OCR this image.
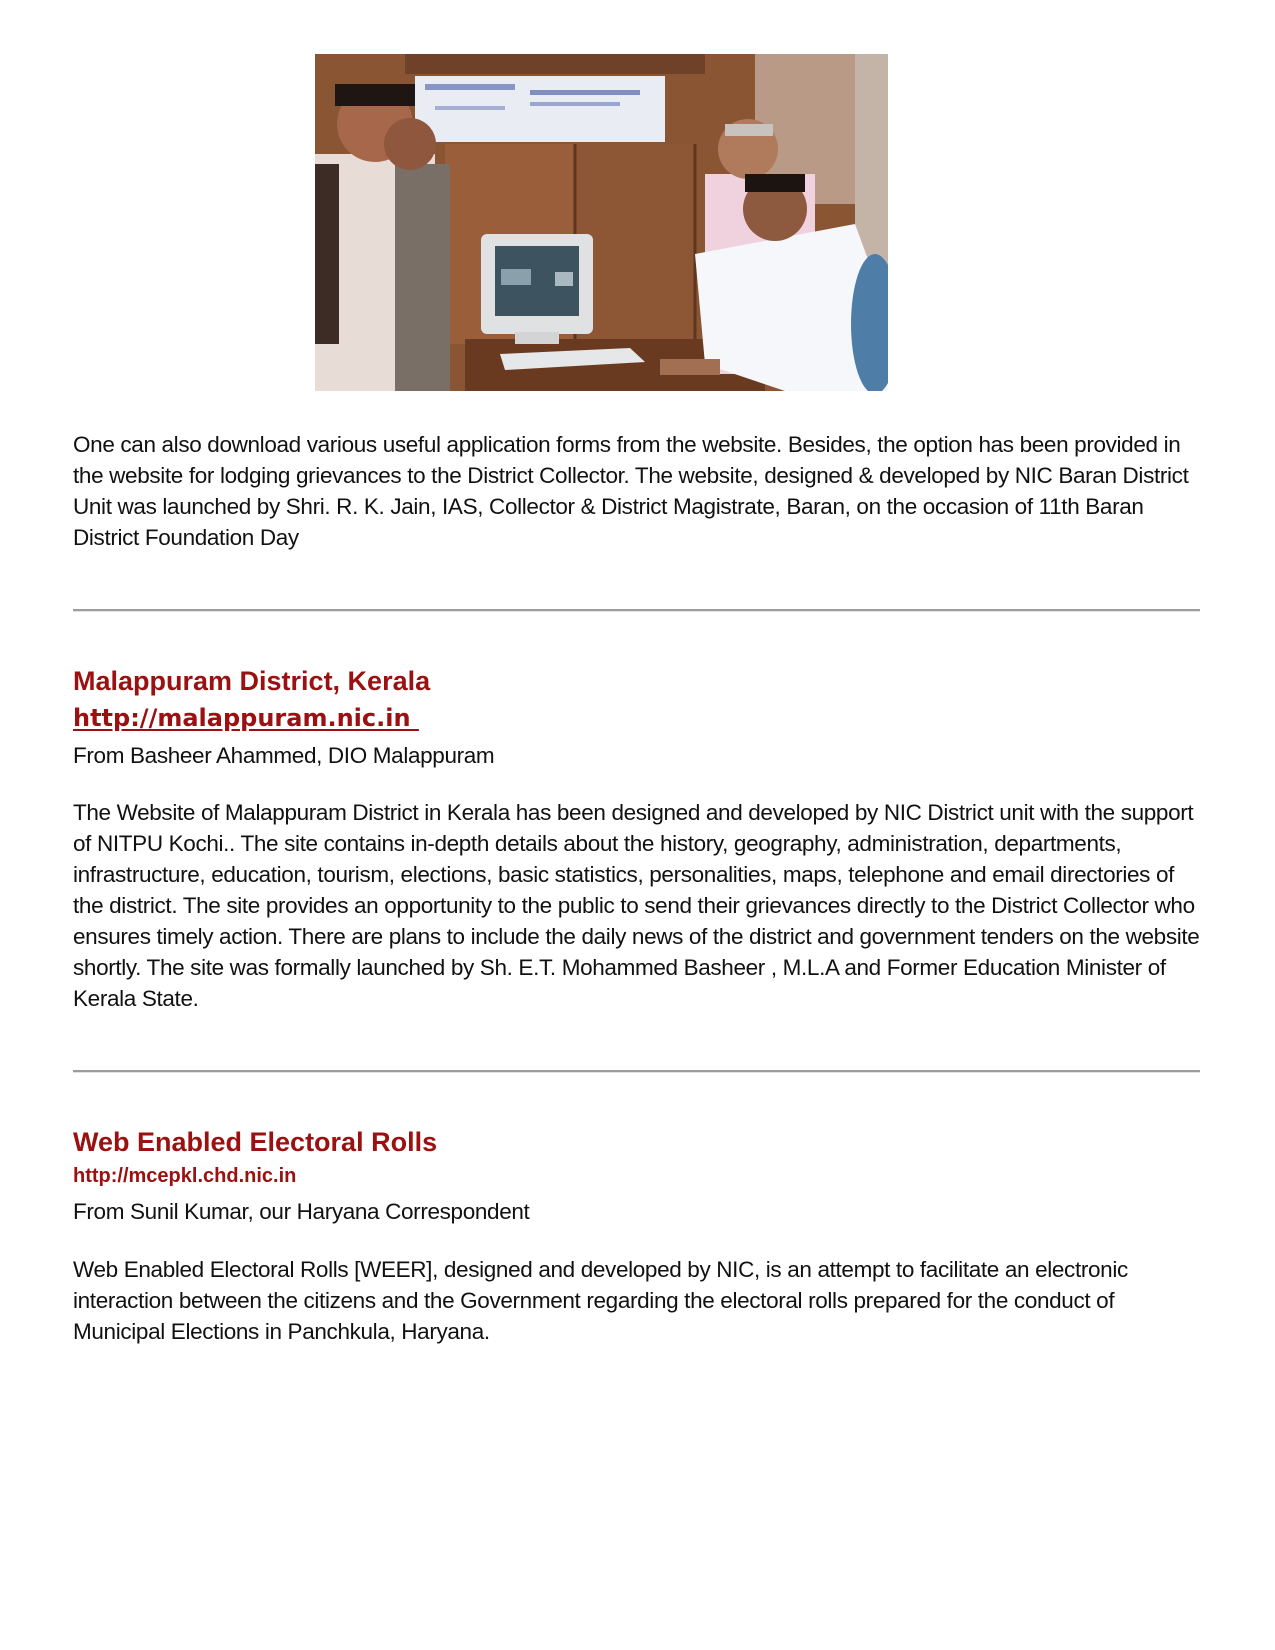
One can also download various useful application forms from the website. Besides, the option has been provided in the website for lodging grievances to the District Collector. The website, designed & developed by NIC Baran District Unit was launched by Shri. R. K. Jain, IAS, Collector & District Magistrate, Baran, on the occasion of 11th Baran District Foundation Day

Malappuram District, Kerala
http://malappuram.nic.in
From Basheer Ahammed, DIO Malappuram

The Website of Malappuram District in Kerala has been designed and developed by NIC District unit with the support of NITPU Kochi.. The site contains in-depth details about the history, geography, administration, departments, infrastructure, education, tourism, elections, basic statistics, personalities, maps, telephone and email directories of the district. The site provides an opportunity to the public to send their grievances directly to the District Collector who ensures timely action. There are plans to include the daily news of the district and government tenders on the website shortly. The site was formally launched by Sh. E.T. Mohammed Basheer , M.L.A and Former Education Minister of Kerala State.

Web Enabled Electoral Rolls
http://mcepkl.chd.nic.in
From Sunil Kumar, our Haryana Correspondent

Web Enabled Electoral Rolls [WEER], designed and developed by NIC, is an attempt to facilitate an electronic interaction between the citizens and the Government regarding the electoral rolls prepared for the conduct of Municipal Elections in Panchkula, Haryana.
